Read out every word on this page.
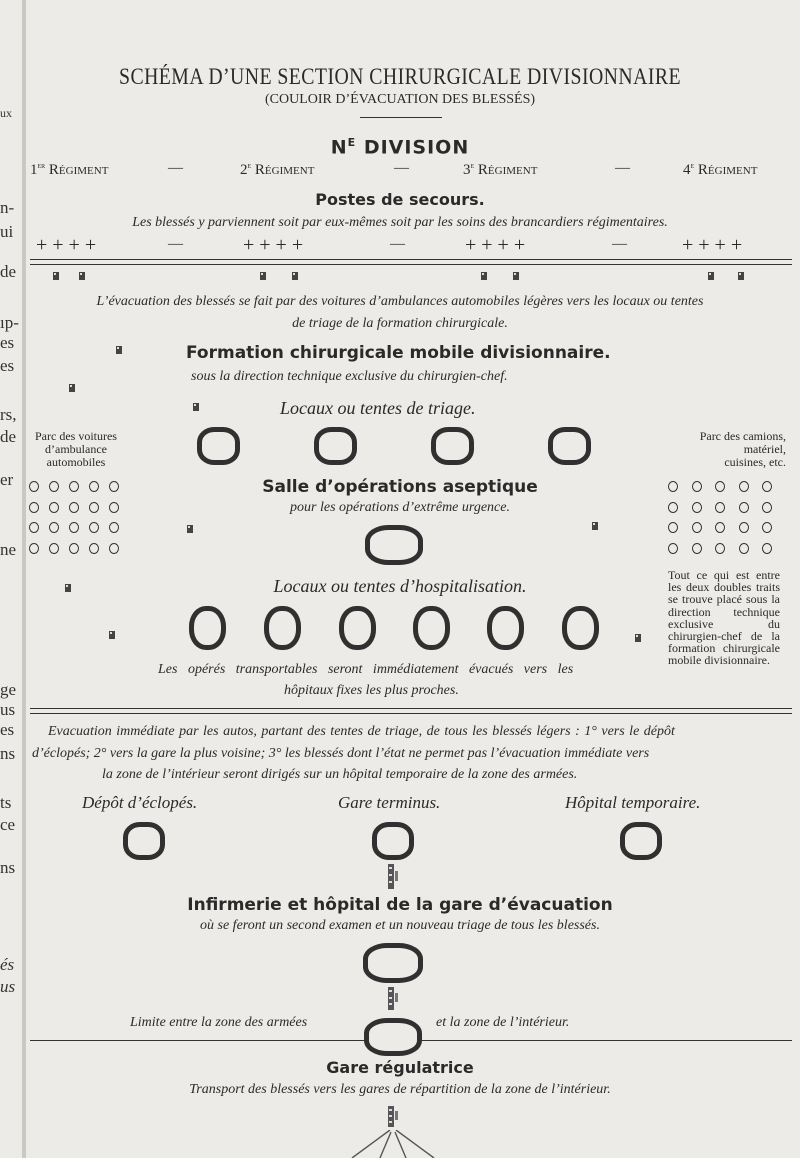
ux
n-
ui
de
ıp-
es
es
rs,
de
er
ne
ge
us
es
ns
ts
ce
ns
és
us
SCHÉMA D’UNE SECTION CHIRURGICALE DIVISIONNAIRE
(COULOIR D’ÉVACUATION DES BLESSÉS)
$N^E$ DIVISION
1er Régiment	—	2e Régiment	—	3e Régiment	—	4e Régiment
Postes de secours.
Les blessés y parviennent soit par eux-mêmes soit par les soins des brancardiers régimentaires.
+ + + +	—	+ + + +	—	+ + + +	—	+ + + +
L’évacuation des blessés se fait par des voitures d’ambulances automobiles légères vers les locaux ou tentes
de triage de la formation chirurgicale.
Formation chirurgicale mobile divisionnaire.
sous la direction technique exclusive du chirurgien-chef.
Locaux ou tentes de triage.
Parc des voitures
d’ambulance
automobiles
Parc des camions,
matériel,
cuisines, etc.
Salle d’opérations aseptique
pour les opérations d’extrême urgence.
Locaux ou tentes d’hospitalisation.
Tout ce qui est entre les deux doubles traits se trouve placé sous la direction technique exclusive du chirurgien-chef de la formation chirurgicale mobile divisionnaire.
Les opérés transportables seront immédiatement évacués vers les
hôpitaux fixes les plus proches.
Evacuation immédiate par les autos, partant des tentes de triage, de tous les blessés légers : 1° vers le dépôt
d’éclopés; 2° vers la gare la plus voisine; 3° les blessés dont l’état ne permet pas l’évacuation immédiate vers
la zone de l’intérieur seront dirigés sur un hôpital temporaire de la zone des armées.
Dépôt d’éclopés.	Gare terminus.	Hôpital temporaire.
Infirmerie et hôpital de la gare d’évacuation
où se feront un second examen et un nouveau triage de tous les blessés.
Limite entre la zone des armées	et la zone de l’intérieur.
Gare régulatrice
Transport des blessés vers les gares de répartition de la zone de l’intérieur.
